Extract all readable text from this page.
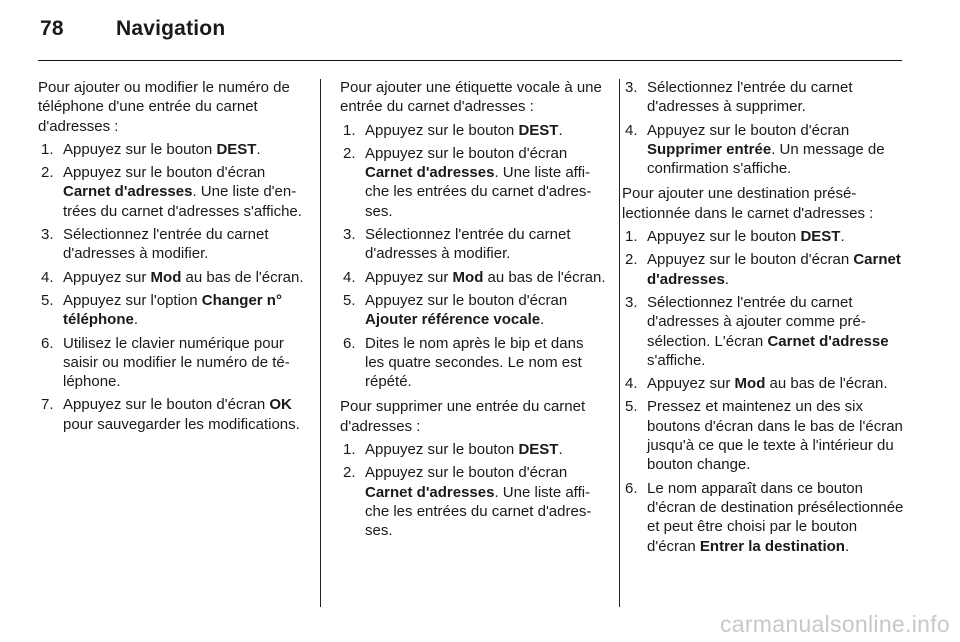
78 Navigation

Pour ajouter ou modifier le numéro de téléphone d'une entrée du carnet d'adresses :

1. Appuyez sur le bouton DEST.
2. Appuyez sur le bouton d'écran Carnet d'adresses. Une liste d'entrées du carnet d'adresses s'affiche.
3. Sélectionnez l'entrée du carnet d'adresses à modifier.
4. Appuyez sur Mod au bas de l'écran.
5. Appuyez sur l'option Changer n° téléphone.
6. Utilisez le clavier numérique pour saisir ou modifier le numéro de téléphone.
7. Appuyez sur le bouton d'écran OK pour sauvegarder les modifications.

Pour ajouter une étiquette vocale à une entrée du carnet d'adresses :

1. Appuyez sur le bouton DEST.
2. Appuyez sur le bouton d'écran Carnet d'adresses. Une liste affiche les entrées du carnet d'adresses.
3. Sélectionnez l'entrée du carnet d'adresses à modifier.
4. Appuyez sur Mod au bas de l'écran.
5. Appuyez sur le bouton d'écran Ajouter référence vocale.
6. Dites le nom après le bip et dans les quatre secondes. Le nom est répété.

Pour supprimer une entrée du carnet d'adresses :

1. Appuyez sur le bouton DEST.
2. Appuyez sur le bouton d'écran Carnet d'adresses. Une liste affiche les entrées du carnet d'adresses.
3. Sélectionnez l'entrée du carnet d'adresses à supprimer.
4. Appuyez sur le bouton d'écran Supprimer entrée. Un message de confirmation s'affiche.

Pour ajouter une destination présélectionnée dans le carnet d'adresses :

1. Appuyez sur le bouton DEST.
2. Appuyez sur le bouton d'écran Carnet d'adresses.
3. Sélectionnez l'entrée du carnet d'adresses à ajouter comme présélection. L'écran Carnet d'adresse s'affiche.
4. Appuyez sur Mod au bas de l'écran.
5. Pressez et maintenez un des six boutons d'écran dans le bas de l'écran jusqu'à ce que le texte à l'intérieur du bouton change.
6. Le nom apparaît dans ce bouton d'écran de destination présélectionnée et peut être choisi par le bouton d'écran Entrer la destination.
carmanualsonline.info
